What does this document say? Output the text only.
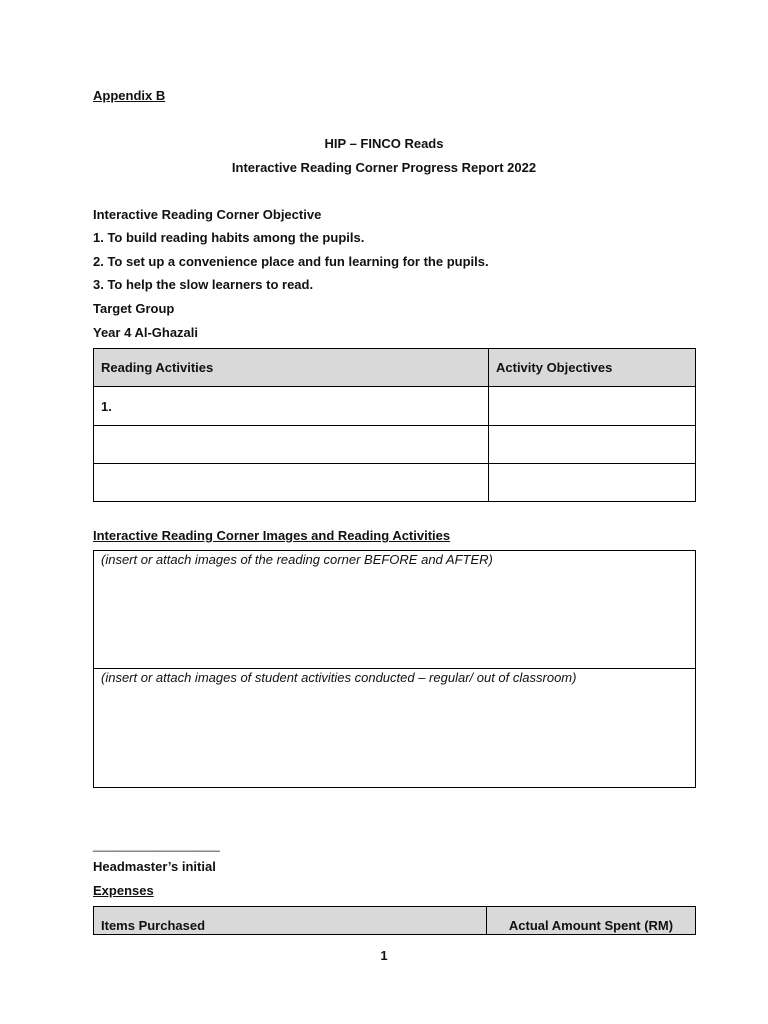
Appendix B
HIP – FINCO Reads
Interactive Reading Corner Progress Report 2022
Interactive Reading Corner Objective
1. To build reading habits among the pupils.
2. To set up a convenience place and fun learning for the pupils.
3. To help the slow learners to read.
Target Group
Year 4 Al-Ghazali
Reading Activities	Activity Objectives
1.	

Interactive Reading Corner Images and Reading Activities
(insert or attach images of the reading corner BEFORE and AFTER)
(insert or attach images of student activities conducted – regular/ out of classroom)
___________________
Headmaster’s initial
Expenses
Items Purchased	Actual Amount Spent (RM)
1
